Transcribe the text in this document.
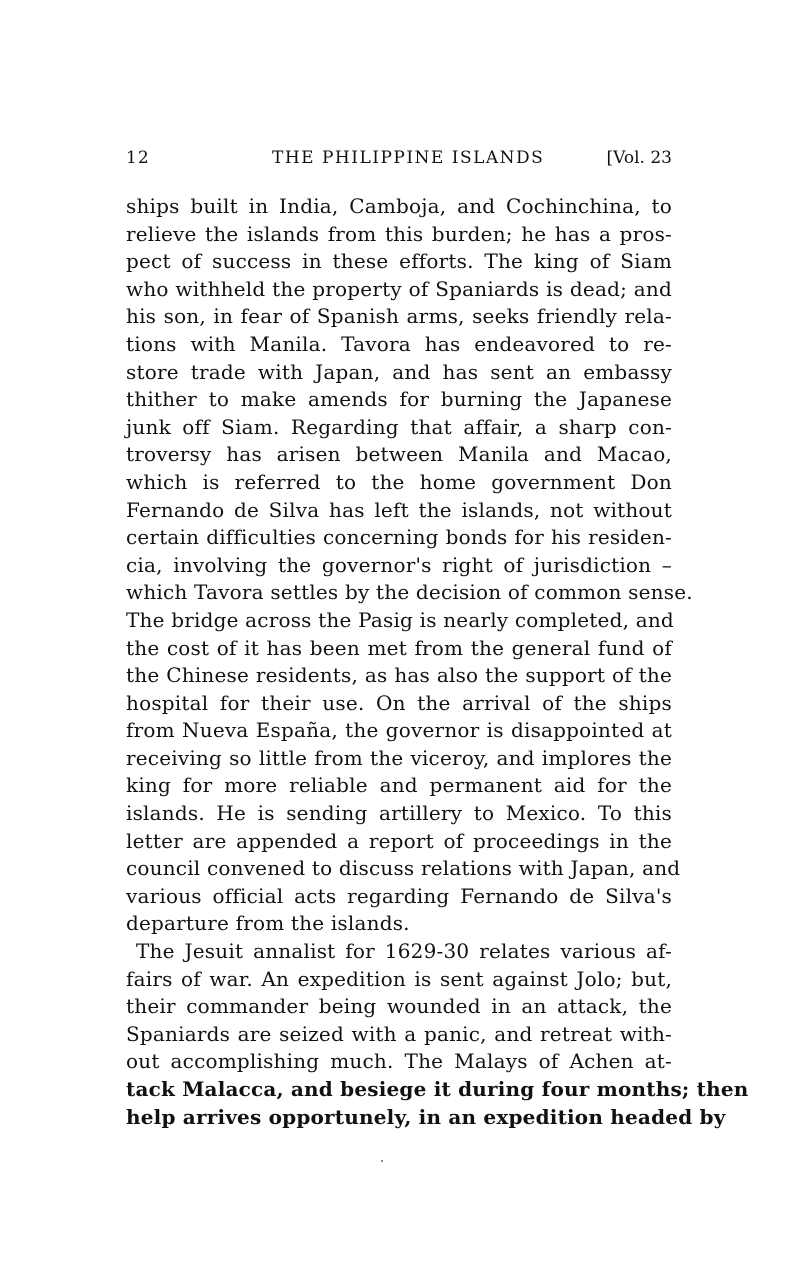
12	THE PHILIPPINE ISLANDS	[Vol. 23
ships built in India, Camboja, and Cochinchina, to
relieve the islands from this burden; he has a pros-
pect of success in these efforts. The king of Siam
who withheld the property of Spaniards is dead; and
his son, in fear of Spanish arms, seeks friendly rela-
tions with Manila. Tavora has endeavored to re-
store trade with Japan, and has sent an embassy
thither to make amends for burning the Japanese
junk off Siam. Regarding that affair, a sharp con-
troversy has arisen between Manila and Macao,
which is referred to the home government Don
Fernando de Silva has left the islands, not without
certain difficulties concerning bonds for his residen-
cia, involving the governor's right of jurisdiction –
which Tavora settles by the decision of common sense.
The bridge across the Pasig is nearly completed, and
the cost of it has been met from the general fund of
the Chinese residents, as has also the support of the
hospital for their use. On the arrival of the ships
from Nueva España, the governor is disappointed at
receiving so little from the viceroy, and implores the
king for more reliable and permanent aid for the
islands. He is sending artillery to Mexico. To this
letter are appended a report of proceedings in the
council convened to discuss relations with Japan, and
various official acts regarding Fernando de Silva's
departure from the islands.
The Jesuit annalist for 1629-30 relates various af-
fairs of war. An expedition is sent against Jolo; but,
their commander being wounded in an attack, the
Spaniards are seized with a panic, and retreat with-
out accomplishing much. The Malays of Achen at-
tack Malacca, and besiege it during four months; then
help arrives opportunely, in an expedition headed by
